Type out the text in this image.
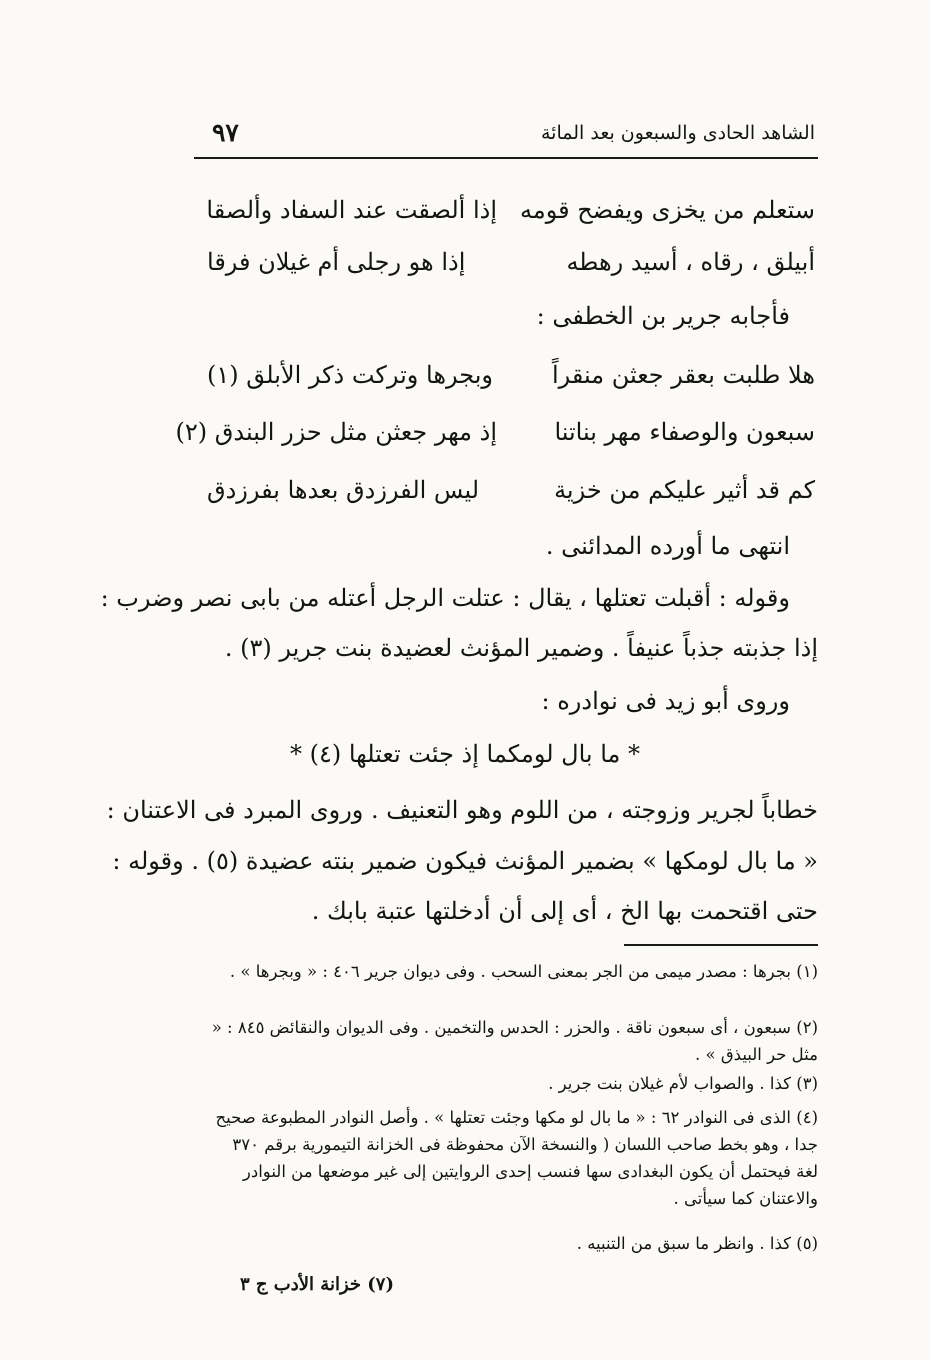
الشاهد الحادى والسبعون بعد المائة
٩٧
ستعلم من يخزى ويفضح قومه
إذا ألصقت عند السفاد وألصقا
أبيلق ، رقاه ، أسيد رهطه
إذا هو رجلى أم غيلان فرقا
فأجابه جرير بن الخطفى :
هلا طلبت بعقر جعثن منقراً
وبجرها وتركت ذكر الأبلق (١)
سبعون والوصفاء مهر بناتنا
إذ مهر جعثن مثل حزر البندق (٢)
كم قد أثير عليكم من خزية
ليس الفرزدق بعدها بفرزدق
انتهى ما أورده المدائنى .
وقوله : أقبلت تعتلها ، يقال : عتلت الرجل أعتله من بابى نصر وضرب :
إذا جذبته جذباً عنيفاً . وضمير المؤنث لعضيدة بنت جرير (٣) .
وروى أبو زيد فى نوادره :
* ما بال لومكما إذ جئت تعتلها (٤) *
خطاباً لجرير وزوجته ، من اللوم وهو التعنيف . وروى المبرد فى الاعتنان :
« ما بال لومكها » بضمير المؤنث فيكون ضمير بنته عضيدة (٥) . وقوله :
حتى اقتحمت بها الخ ، أى إلى أن أدخلتها عتبة بابك .
(١) بجرها : مصدر ميمى من الجر بمعنى السحب . وفى ديوان جرير ٤٠٦ : « وبجرها » .
(٢) سبعون ، أى سبعون ناقة . والحزر : الحدس والتخمين . وفى الديوان والنقائض ٨٤٥ : « مثل حر البيذق » .
(٣) كذا . والصواب لأم غيلان بنت جرير .
(٤) الذى فى النوادر ٦٢ : « ما بال لو مكها وجئت تعتلها » . وأصل النوادر المطبوعة صحيح جدا ، وهو بخط صاحب اللسان ( والنسخة الآن محفوظة فى الخزانة التيمورية برقم ٣٧٠ لغة فيحتمل أن يكون البغدادى سها فنسب إحدى الروايتين إلى غير موضعها من النوادر والاعتنان كما سيأتى .
(٥) كذا . وانظر ما سبق من التنبيه .
(٧) خزانة الأدب ج ٣
